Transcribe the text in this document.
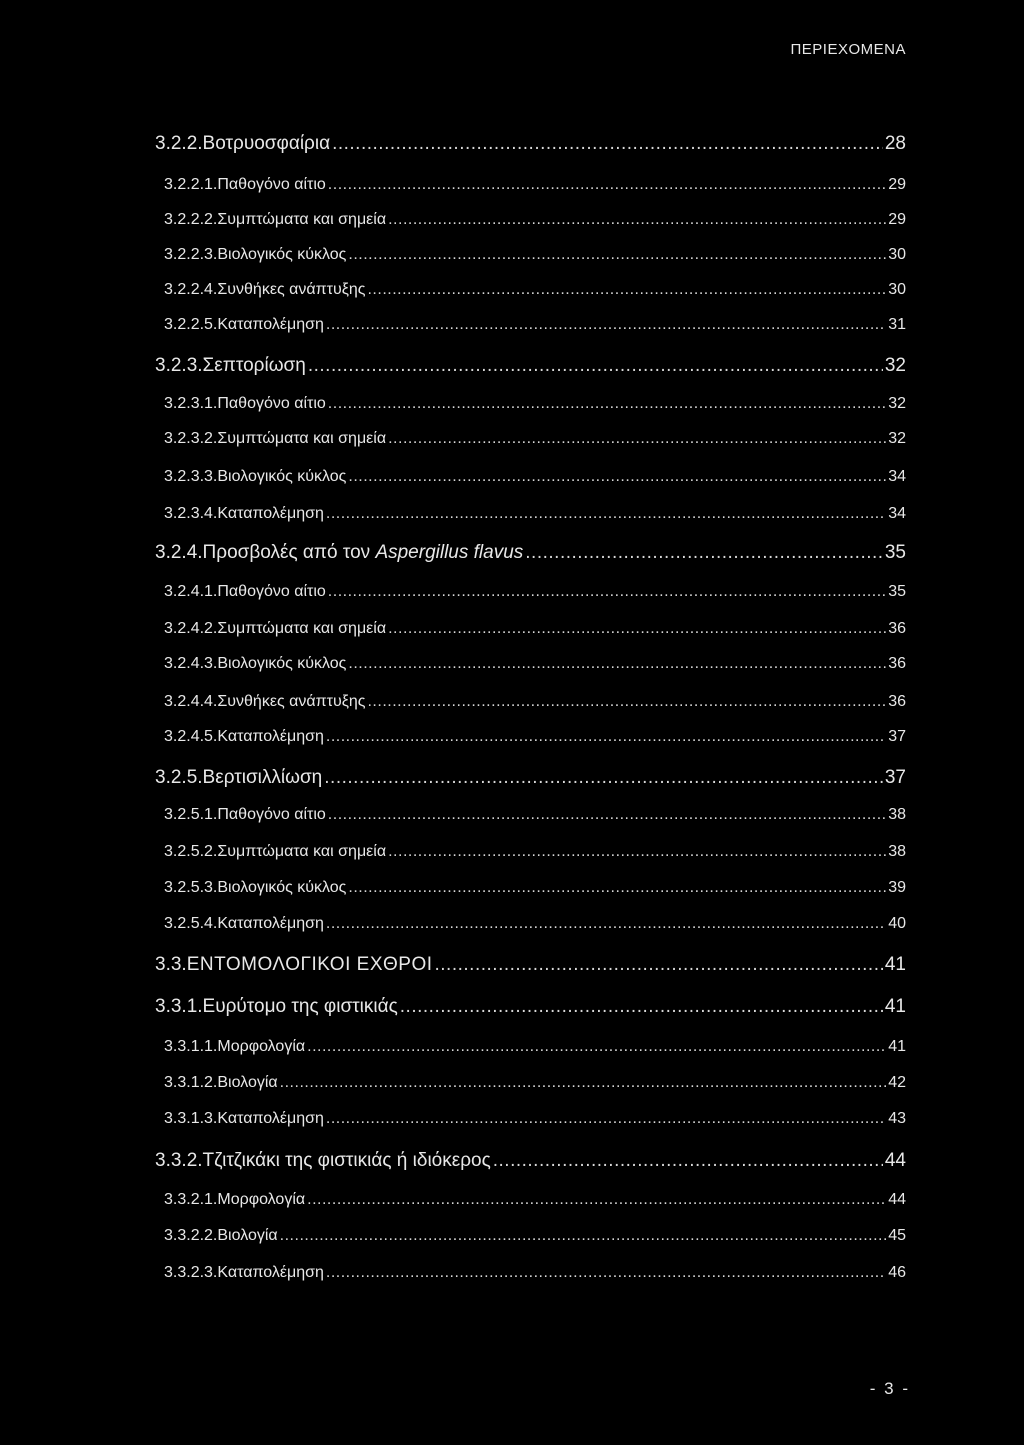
ΠΕΡΙΕΧΟΜΕΝΑ
3.2.2. Βοτρυοσφαίρια .....	28
3.2.2.1. Παθογόνο αίτιο .....	29
3.2.2.2. Συμπτώματα και σημεία .....	29
3.2.2.3. Βιολογικός κύκλος .....	30
3.2.2.4. Συνθήκες ανάπτυξης .....	30
3.2.2.5. Καταπολέμηση .....	31
3.2.3. Σεπτορίωση .....	32
3.2.3.1. Παθογόνο αίτιο .....	32
3.2.3.2. Συμπτώματα και σημεία .....	32
3.2.3.3. Βιολογικός κύκλος .....	34
3.2.3.4. Καταπολέμηση .....	34
3.2.4. Προσβολές από τον Aspergillus flavus .....	35
3.2.4.1. Παθογόνο αίτιο .....	35
3.2.4.2. Συμπτώματα και σημεία .....	36
3.2.4.3. Βιολογικός κύκλος .....	36
3.2.4.4. Συνθήκες ανάπτυξης .....	36
3.2.4.5. Καταπολέμηση .....	37
3.2.5. Βερτισιλλίωση .....	37
3.2.5.1. Παθογόνο αίτιο .....	38
3.2.5.2. Συμπτώματα και σημεία .....	38
3.2.5.3. Βιολογικός κύκλος .....	39
3.2.5.4. Καταπολέμηση .....	40
3.3. ΕΝΤΟΜΟΛΟΓΙΚΟΙ ΕΧΘΡΟΙ .....	41
3.3.1. Ευρύτομο της φιστικιάς .....	41
3.3.1.1. Μορφολογία .....	41
3.3.1.2. Βιολογία .....	42
3.3.1.3. Καταπολέμηση .....	43
3.3.2. Τζιτζικάκι της φιστικιάς ή ιδιόκερος .....	44
3.3.2.1. Μορφολογία .....	44
3.3.2.2. Βιολογία .....	45
3.3.2.3. Καταπολέμηση .....	46
- 3 -
